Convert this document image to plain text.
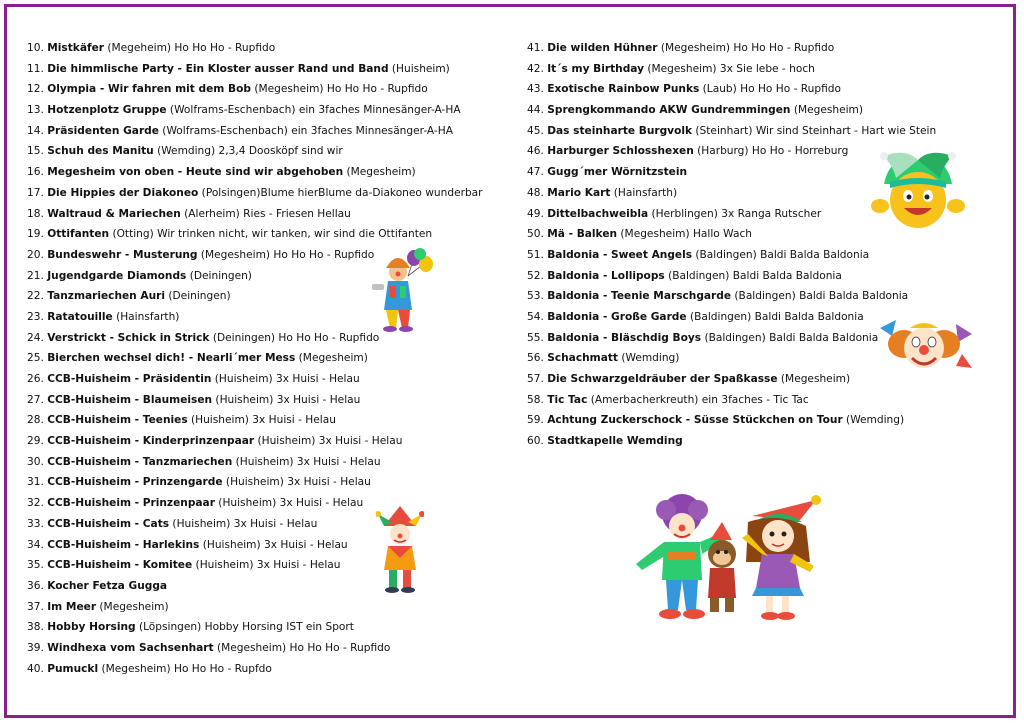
10. Mistkäfer (Megeheim) Ho Ho Ho - Rupfido
11. Die himmlische Party - Ein Kloster ausser Rand und Band (Huisheim)
12. Olympia - Wir fahren mit dem Bob (Megesheim) Ho Ho Ho - Rupfido
13. Hotzenplotz Gruppe (Wolframs-Eschenbach) ein 3faches Minnesänger-A-HA
14. Präsidenten Garde (Wolframs-Eschenbach) ein 3faches Minnesänger-A-HA
15. Schuh des Manitu (Wemding) 2,3,4 Doosköpf sind wir
16. Megesheim von oben - Heute sind wir abgehoben (Megesheim)
17. Die Hippies der Diakoneo (Polsingen)Blume hierBlume da-Diakoneo wunderbar
18. Waltraud & Mariechen (Alerheim) Ries - Friesen Hellau
19. Ottifanten (Otting) Wir trinken nicht, wir tanken, wir sind die Ottifanten
20. Bundeswehr - Musterung (Megesheim) Ho Ho Ho - Rupfido
21. Jugendgarde Diamonds (Deiningen)
22. Tanzmariechen Auri (Deiningen)
23. Ratatouille (Hainsfarth)
24. Verstrickt - Schick in Strick (Deiningen) Ho Ho Ho - Rupfido
25. Bierchen wechsel dich! - Nearli´mer Mess (Megesheim)
26. CCB-Huisheim - Präsidentin (Huisheim) 3x Huisi - Helau
27. CCB-Huisheim - Blaumeisen (Huisheim) 3x Huisi - Helau
28. CCB-Huisheim - Teenies (Huisheim) 3x Huisi - Helau
29. CCB-Huisheim - Kinderprinzenpaar (Huisheim) 3x Huisi - Helau
30. CCB-Huisheim - Tanzmariechen (Huisheim) 3x Huisi - Helau
31. CCB-Huisheim - Prinzengarde (Huisheim) 3x Huisi - Helau
32. CCB-Huisheim - Prinzenpaar (Huisheim) 3x Huisi - Helau
33. CCB-Huisheim - Cats (Huisheim) 3x Huisi - Helau
34. CCB-Huisheim - Harlekins (Huisheim) 3x Huisi - Helau
35. CCB-Huisheim - Komitee (Huisheim) 3x Huisi - Helau
36. Kocher Fetza Gugga
37. Im Meer (Megesheim)
38. Hobby Horsing (Löpsingen) Hobby Horsing IST ein Sport
39. Windhexa vom Sachsenhart (Megesheim) Ho Ho Ho - Rupfido
40. Pumuckl (Megesheim) Ho Ho Ho - Rupfdo
41. Die wilden Hühner (Megesheim) Ho Ho Ho - Rupfido
42. It´s my Birthday (Megesheim) 3x Sie lebe - hoch
43. Exotische Rainbow Punks (Laub) Ho Ho Ho - Rupfido
44. Sprengkommando AKW Gundremmingen (Megesheim)
45. Das steinharte Burgvolk (Steinhart) Wir sind Steinhart - Hart wie Stein
46. Harburger Schlosshexen (Harburg) Ho Ho - Horreburg
47. Gugg´mer Wörnitzstein
48. Mario Kart (Hainsfarth)
49. Dittelbachweibla (Herblingen) 3x Ranga Rutscher
50. Mä - Balken (Megesheim) Hallo Wach
51. Baldonia - Sweet Angels (Baldingen) Baldi Balda Baldonia
52. Baldonia - Lollipops (Baldingen) Baldi Balda Baldonia
53. Baldonia - Teenie Marschgarde (Baldingen) Baldi Balda Baldonia
54. Baldonia - Große Garde (Baldingen) Baldi Balda Baldonia
55. Baldonia - Bläschdig Boys (Baldingen) Baldi Balda Baldonia
56. Schachmatt (Wemding)
57. Die Schwarzgeldräuber der Spaßkasse (Megesheim)
58. Tic Tac (Amerbacherkreuth) ein 3faches - Tic Tac
59. Achtung Zuckerschock - Süsse Stückchen on Tour (Wemding)
60. Stadtkapelle Wemding
